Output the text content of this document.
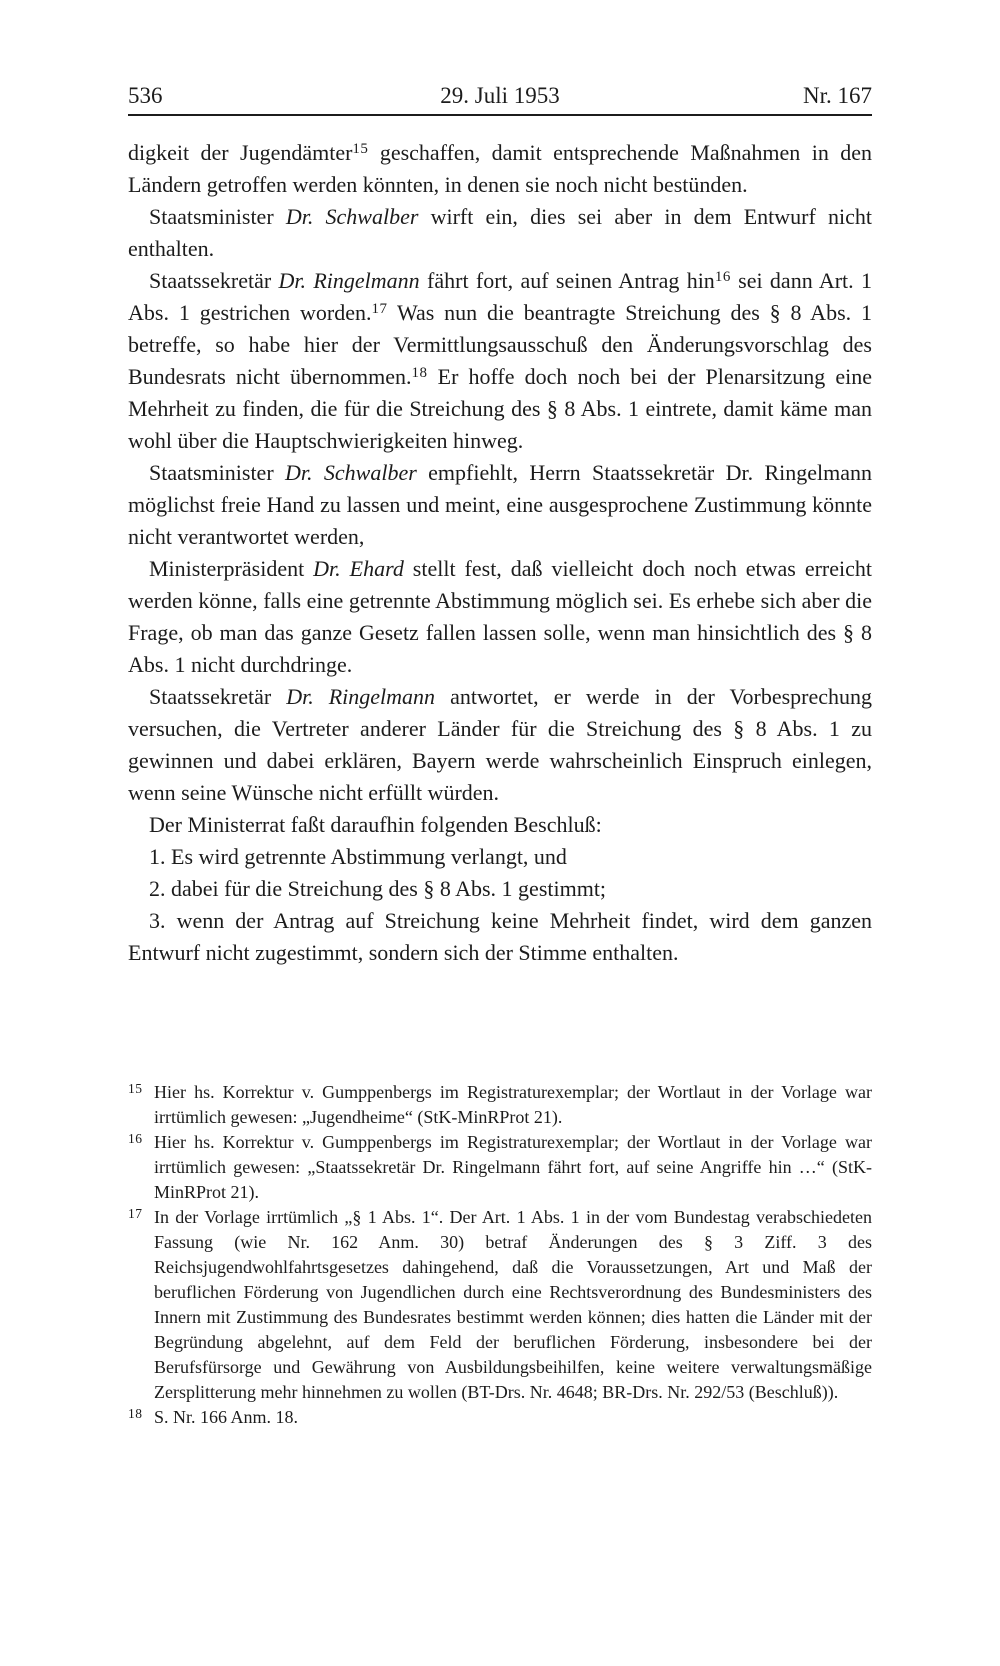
536	29. Juli 1953	Nr. 167

digkeit der Jugendämter$^{15}$ geschaffen, damit entsprechende Maßnahmen in den Ländern getroffen werden könnten, in denen sie noch nicht bestünden.

Staatsminister Dr. Schwalber wirft ein, dies sei aber in dem Entwurf nicht enthalten.

Staatssekretär Dr. Ringelmann fährt fort, auf seinen Antrag hin$^{16}$ sei dann Art. 1 Abs. 1 gestrichen worden.$^{17}$ Was nun die beantragte Streichung des § 8 Abs. 1 betreffe, so habe hier der Vermittlungsausschuß den Änderungsvorschlag des Bundesrats nicht übernommen.$^{18}$ Er hoffe doch noch bei der Plenarsitzung eine Mehrheit zu finden, die für die Streichung des § 8 Abs. 1 eintrete, damit käme man wohl über die Hauptschwierigkeiten hinweg.

Staatsminister Dr. Schwalber empfiehlt, Herrn Staatssekretär Dr. Ringelmann möglichst freie Hand zu lassen und meint, eine ausgesprochene Zustimmung könnte nicht verantwortet werden,

Ministerpräsident Dr. Ehard stellt fest, daß vielleicht doch noch etwas erreicht werden könne, falls eine getrennte Abstimmung möglich sei. Es erhebe sich aber die Frage, ob man das ganze Gesetz fallen lassen solle, wenn man hinsichtlich des § 8 Abs. 1 nicht durchdringe.

Staatssekretär Dr. Ringelmann antwortet, er werde in der Vorbesprechung versuchen, die Vertreter anderer Länder für die Streichung des § 8 Abs. 1 zu gewinnen und dabei erklären, Bayern werde wahrscheinlich Einspruch einlegen, wenn seine Wünsche nicht erfüllt würden.

Der Ministerrat faßt daraufhin folgenden Beschluß:

1. Es wird getrennte Abstimmung verlangt, und

2. dabei für die Streichung des § 8 Abs. 1 gestimmt;

3. wenn der Antrag auf Streichung keine Mehrheit findet, wird dem ganzen Entwurf nicht zugestimmt, sondern sich der Stimme enthalten.

15 Hier hs. Korrektur v. Gumppenbergs im Registraturexemplar; der Wortlaut in der Vorlage war irrtümlich gewesen: „Jugendheime“ (StK-MinRProt 21).
16 Hier hs. Korrektur v. Gumppenbergs im Registraturexemplar; der Wortlaut in der Vorlage war irrtümlich gewesen: „Staatssekretär Dr. Ringelmann fährt fort, auf seine Angriffe hin …“ (StK-MinRProt 21).
17 In der Vorlage irrtümlich „§ 1 Abs. 1“. Der Art. 1 Abs. 1 in der vom Bundestag verabschiedeten Fassung (wie Nr. 162 Anm. 30) betraf Änderungen des § 3 Ziff. 3 des Reichsjugendwohlfahrtsgesetzes dahingehend, daß die Voraussetzungen, Art und Maß der beruflichen Förderung von Jugendlichen durch eine Rechtsverordnung des Bundesministers des Innern mit Zustimmung des Bundesrates bestimmt werden können; dies hatten die Länder mit der Begründung abgelehnt, auf dem Feld der beruflichen Förderung, insbesondere bei der Berufsfürsorge und Gewährung von Ausbildungsbeihilfen, keine weitere verwaltungsmäßige Zersplitterung mehr hinnehmen zu wollen (BT-Drs. Nr. 4648; BR-Drs. Nr. 292/53 (Beschluß)).
18 S. Nr. 166 Anm. 18.
